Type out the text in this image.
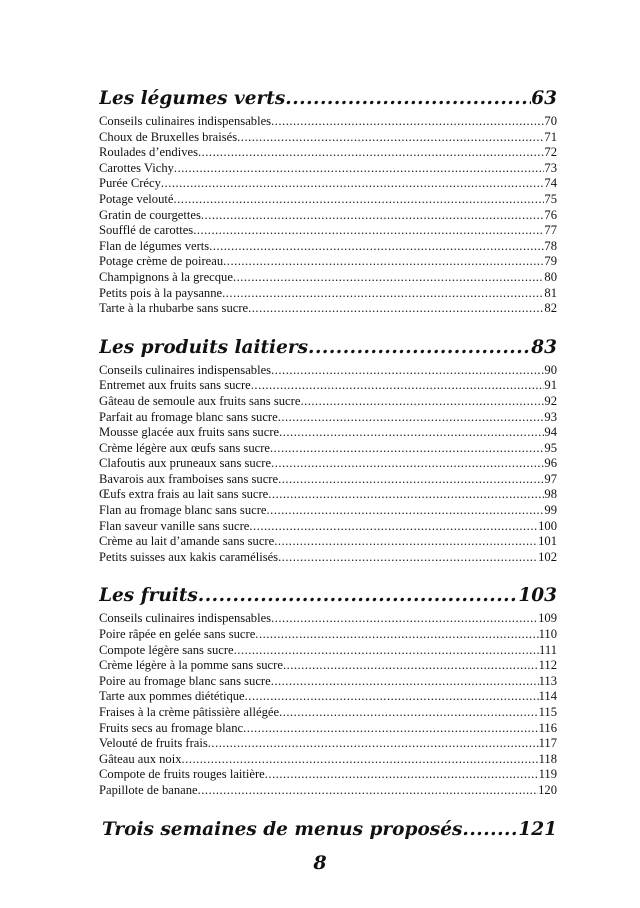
Les légumes verts .....	63
Conseils culinaires indispensables .....	70
Choux de Bruxelles braisés .....	71
Roulades d’endives .....	72
Carottes Vichy .....	73
Purée Crécy .....	74
Potage velouté .....	75
Gratin de courgettes .....	76
Soufflé de carottes .....	77
Flan de légumes verts .....	78
Potage crème de poireau .....	79
Champignons à la grecque .....	80
Petits pois à la paysanne .....	81
Tarte à la rhubarbe sans sucre .....	82
Les produits laitiers .....	83
Conseils culinaires indispensables .....	90
Entremet aux fruits sans sucre .....	91
Gâteau de semoule aux fruits sans sucre .....	92
Parfait au fromage blanc sans sucre .....	93
Mousse glacée aux fruits sans sucre .....	94
Crème légère aux œufs sans sucre .....	95
Clafoutis aux pruneaux sans sucre .....	96
Bavarois aux framboises sans sucre .....	97
Œufs extra frais au lait sans sucre .....	98
Flan au fromage blanc sans sucre .....	99
Flan saveur vanille sans sucre .....	100
Crème au lait d’amande sans sucre .....	101
Petits suisses aux kakis caramélisés .....	102
Les fruits .....	103
Conseils culinaires indispensables .....	109
Poire râpée en gelée sans sucre .....	110
Compote légère sans sucre .....	111
Crème légère à la pomme sans sucre .....	112
Poire au fromage blanc sans sucre .....	113
Tarte aux pommes diététique .....	114
Fraises à la crème pâtissière allégée .....	115
Fruits secs au fromage blanc .....	116
Velouté de fruits frais .....	117
Gâteau aux noix .....	118
Compote de fruits rouges laitière .....	119
Papillote de banane .....	120
Trois semaines de menus proposés .....	121
8
